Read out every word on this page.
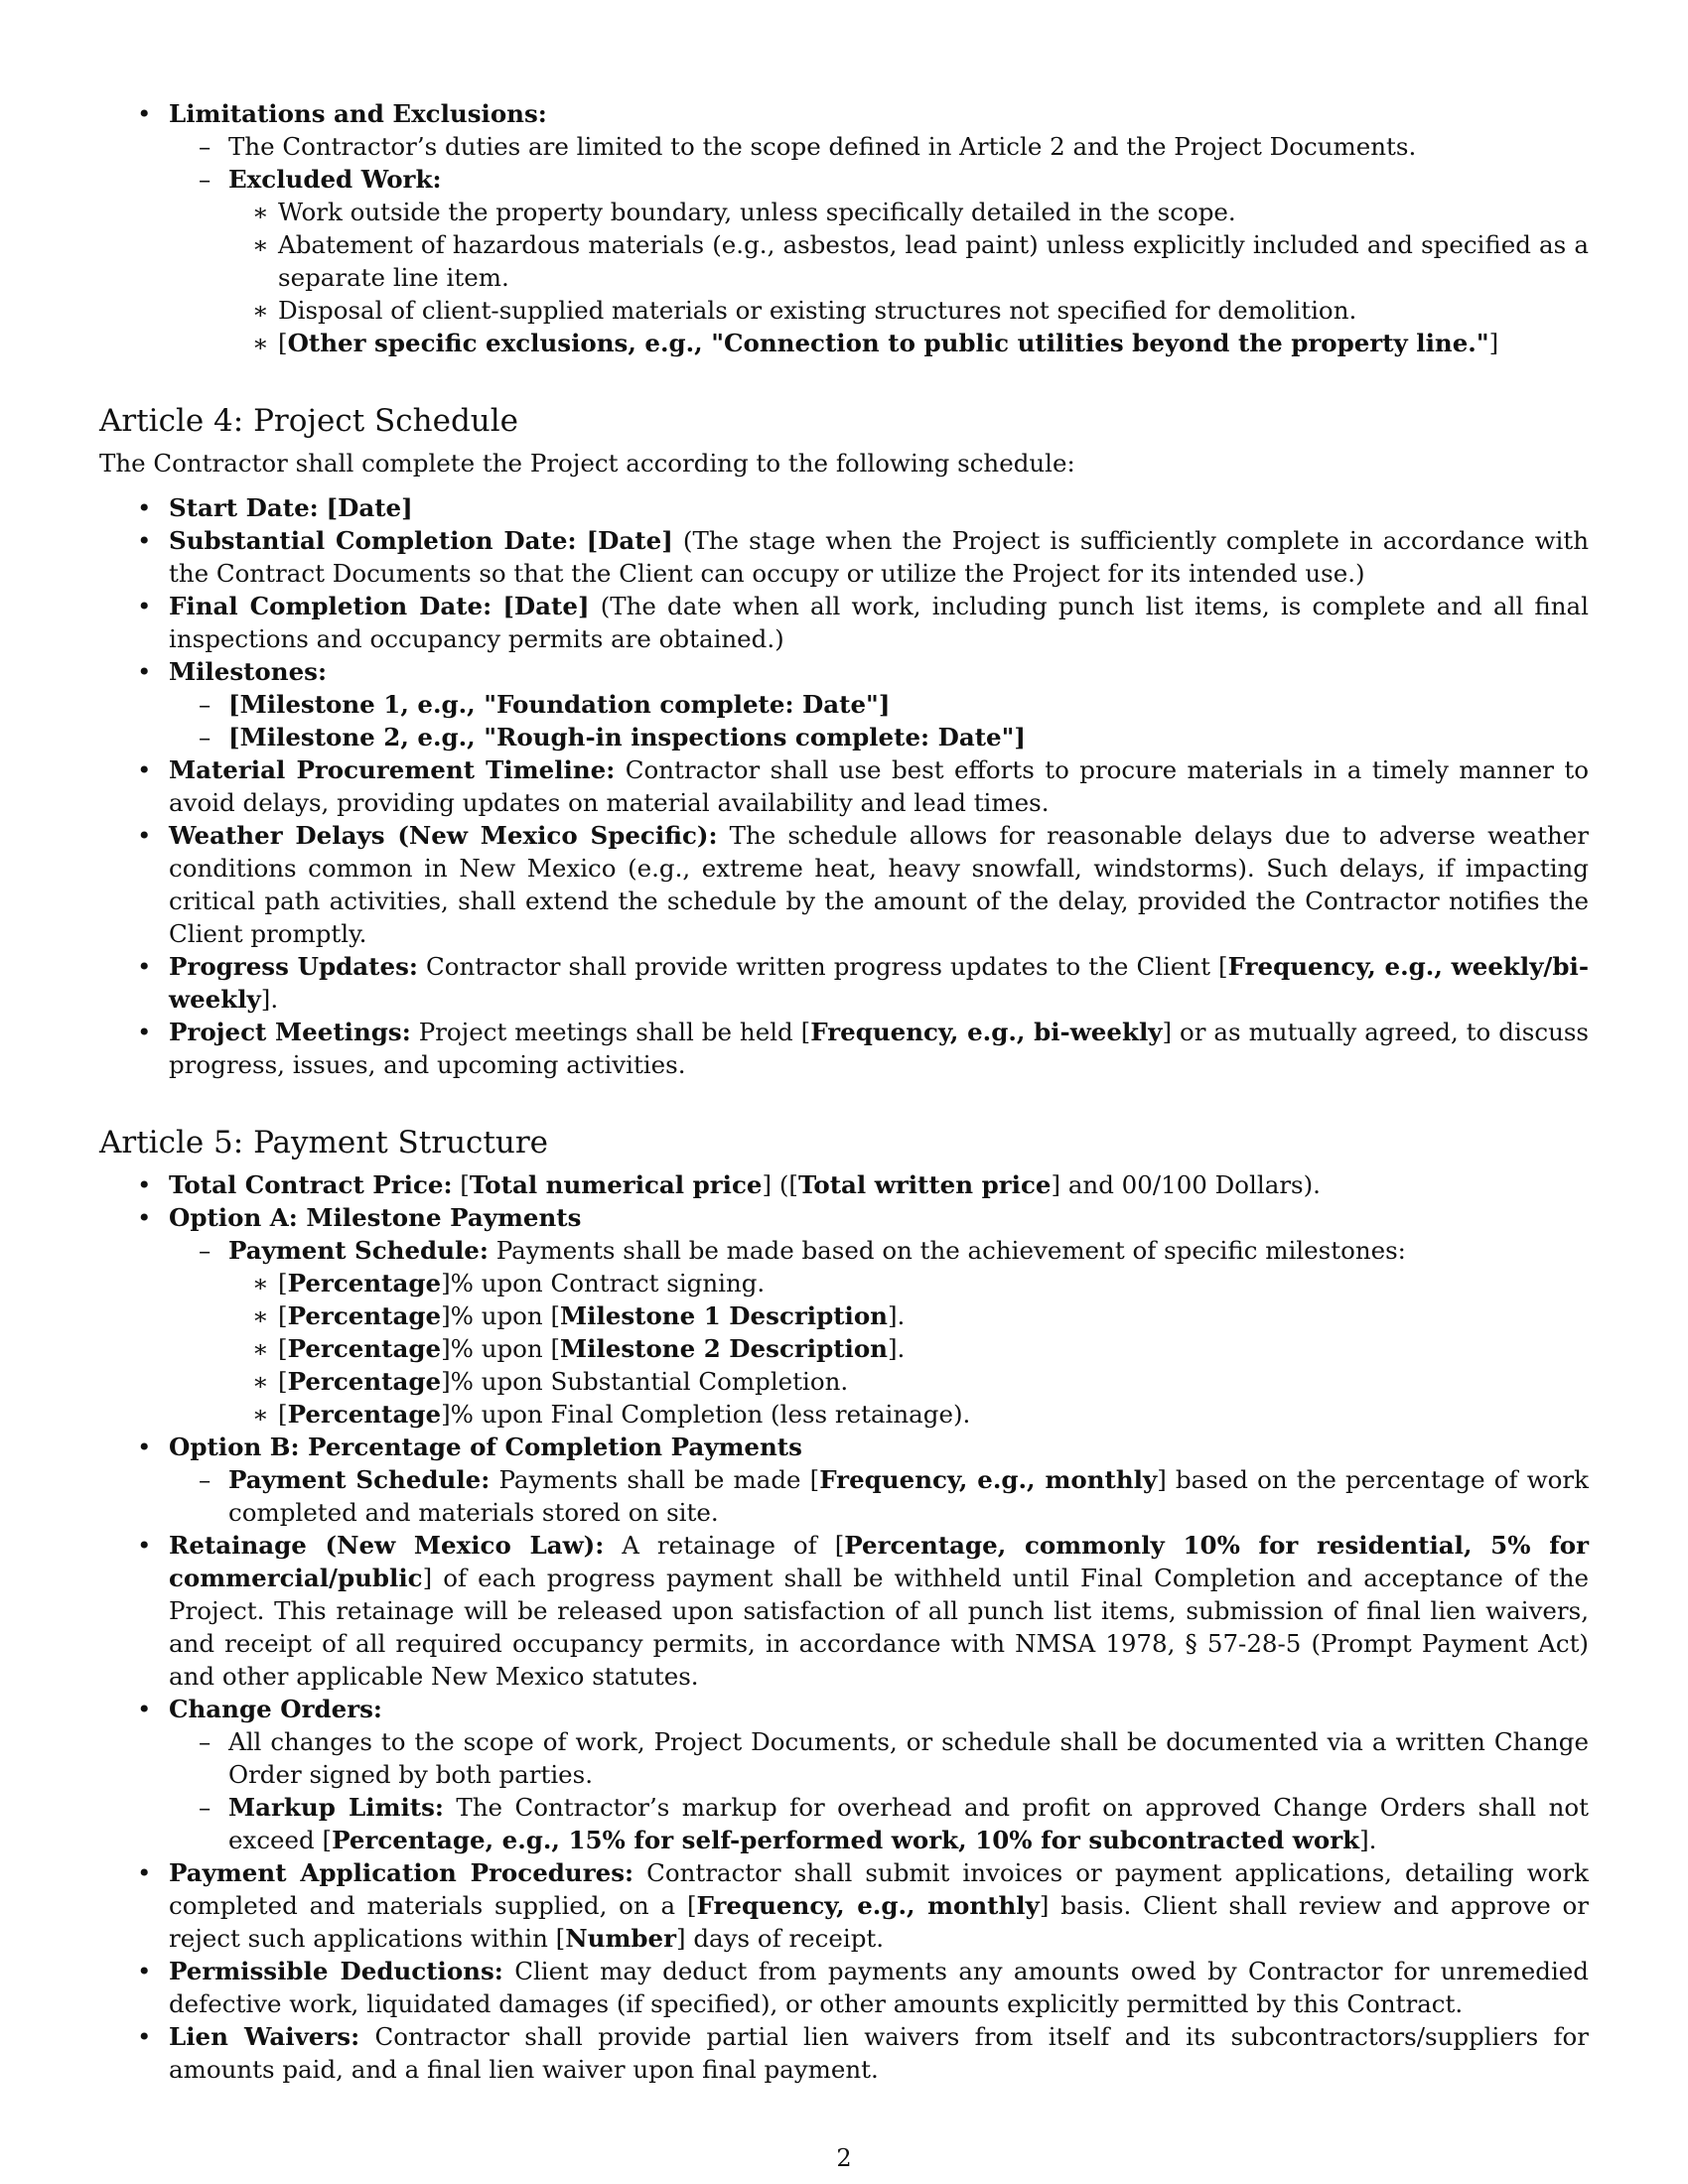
• Limitations and Exclusions:
– The Contractor’s duties are limited to the scope defined in Article 2 and the Project Documents.
– Excluded Work:
∗ Work outside the property boundary, unless specifically detailed in the scope.
∗ Abatement of hazardous materials (e.g., asbestos, lead paint) unless explicitly included and specified as a separate line item.
∗ Disposal of client-supplied materials or existing structures not specified for demolition.
∗ [Other specific exclusions, e.g., "Connection to public utilities beyond the property line."]
Article 4: Project Schedule

The Contractor shall complete the Project according to the following schedule:

• Start Date: [Date]
• Substantial Completion Date: [Date] (The stage when the Project is sufficiently complete in accordance with the Contract Documents so that the Client can occupy or utilize the Project for its intended use.)
• Final Completion Date: [Date] (The date when all work, including punch list items, is complete and all final inspections and occupancy permits are obtained.)
• Milestones:
– [Milestone 1, e.g., "Foundation complete: Date"]
– [Milestone 2, e.g., "Rough-in inspections complete: Date"]
• Material Procurement Timeline: Contractor shall use best efforts to procure materials in a timely manner to avoid delays, providing updates on material availability and lead times.
• Weather Delays (New Mexico Specific): The schedule allows for reasonable delays due to adverse weather conditions common in New Mexico (e.g., extreme heat, heavy snowfall, windstorms). Such delays, if impacting critical path activities, shall extend the schedule by the amount of the delay, provided the Contractor notifies the Client promptly.
• Progress Updates: Contractor shall provide written progress updates to the Client [Frequency, e.g., weekly/bi-weekly].
• Project Meetings: Project meetings shall be held [Frequency, e.g., bi-weekly] or as mutually agreed, to discuss progress, issues, and upcoming activities.
Article 5: Payment Structure
• Total Contract Price: [Total numerical price] ([Total written price] and 00/100 Dollars).
• Option A: Milestone Payments
– Payment Schedule: Payments shall be made based on the achievement of specific milestones:
∗ [Percentage]% upon Contract signing.
∗ [Percentage]% upon [Milestone 1 Description].
∗ [Percentage]% upon [Milestone 2 Description].
∗ [Percentage]% upon Substantial Completion.
∗ [Percentage]% upon Final Completion (less retainage).
• Option B: Percentage of Completion Payments
– Payment Schedule: Payments shall be made [Frequency, e.g., monthly] based on the percentage of work completed and materials stored on site.
• Retainage (New Mexico Law): A retainage of [Percentage, commonly 10% for residential, 5% for commercial/public] of each progress payment shall be withheld until Final Completion and acceptance of the Project. This retainage will be released upon satisfaction of all punch list items, submission of final lien waivers, and receipt of all required occupancy permits, in accordance with NMSA 1978, § 57-28-5 (Prompt Payment Act) and other applicable New Mexico statutes.
• Change Orders:
– All changes to the scope of work, Project Documents, or schedule shall be documented via a written Change Order signed by both parties.
– Markup Limits: The Contractor’s markup for overhead and profit on approved Change Orders shall not exceed [Percentage, e.g., 15% for self-performed work, 10% for subcontracted work].
• Payment Application Procedures: Contractor shall submit invoices or payment applications, detailing work completed and materials supplied, on a [Frequency, e.g., monthly] basis. Client shall review and approve or reject such applications within [Number] days of receipt.
• Permissible Deductions: Client may deduct from payments any amounts owed by Contractor for unremedied defective work, liquidated damages (if specified), or other amounts explicitly permitted by this Contract.
• Lien Waivers: Contractor shall provide partial lien waivers from itself and its subcontractors/suppliers for amounts paid, and a final lien waiver upon final payment.
2
